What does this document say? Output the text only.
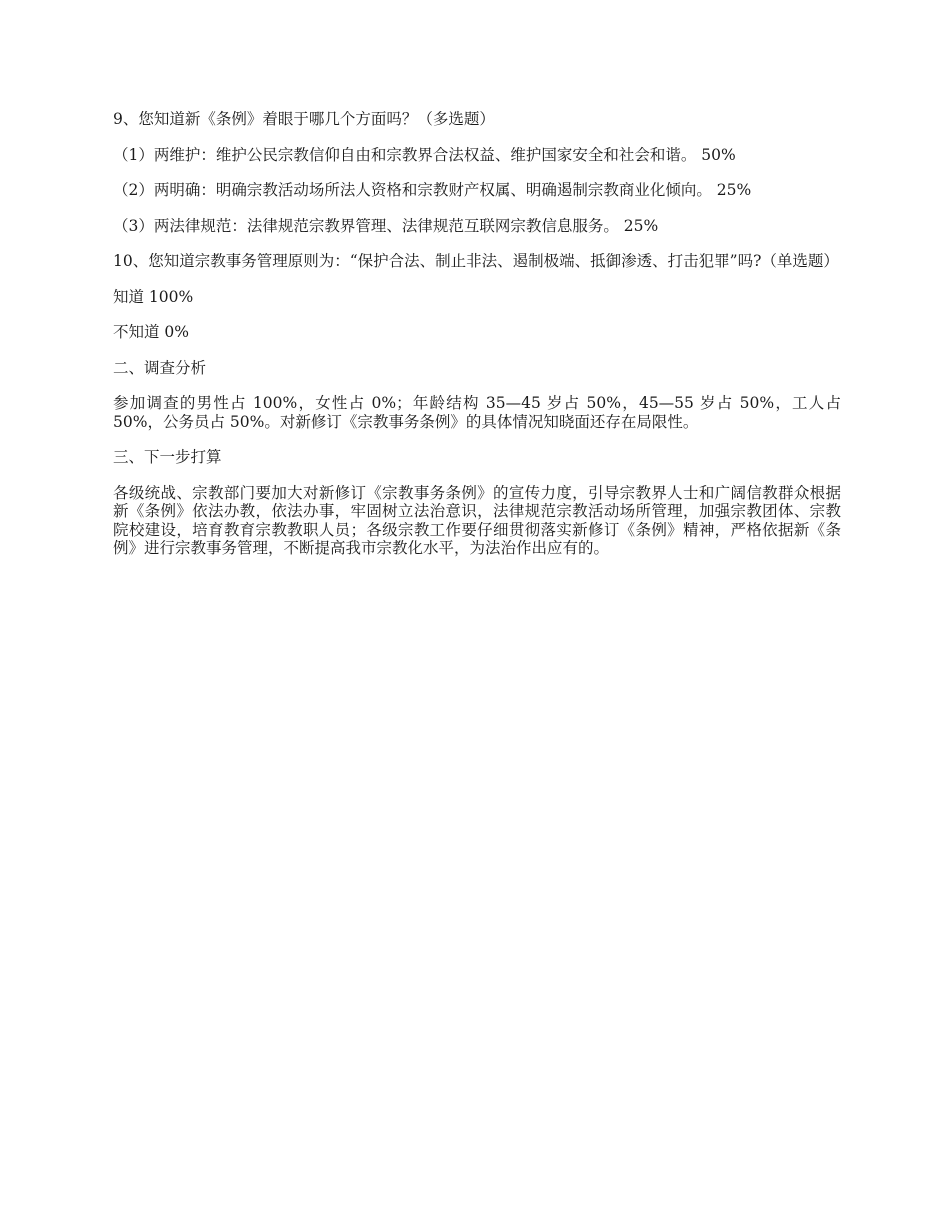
9、您知道新《条例》着眼于哪几个方面吗？（多选题）

（1）两维护：维护公民宗教信仰自由和宗教界合法权益、维护国家安全和社会和谐。 50%

（2）两明确：明确宗教活动场所法人资格和宗教财产权属、明确遏制宗教商业化倾向。 25%

（3）两法律规范：法律规范宗教界管理、法律规范互联网宗教信息服务。 25%

10、您知道宗教事务管理原则为：“保护合法、制止非法、遏制极端、抵御渗透、打击犯罪”吗?（单选题）

知道 100%

不知道 0%

二、调查分析

参加调查的男性占 100%，女性占 0%；年龄结构 35—45 岁占 50%，45—55 岁占 50%，工人占 50%，公务员占 50%。对新修订《宗教事务条例》的具体情况知晓面还存在局限性。

三、下一步打算

各级统战、宗教部门要加大对新修订《宗教事务条例》的宣传力度，引导宗教界人士和广阔信教群众根据新《条例》依法办教，依法办事，牢固树立法治意识，法律规范宗教活动场所管理，加强宗教团体、宗教院校建设，培育教育宗教教职人员；各级宗教工作要仔细贯彻落实新修订《条例》精神，严格依据新《条例》进行宗教事务管理，不断提高我市宗教化水平，为法治作出应有的。
